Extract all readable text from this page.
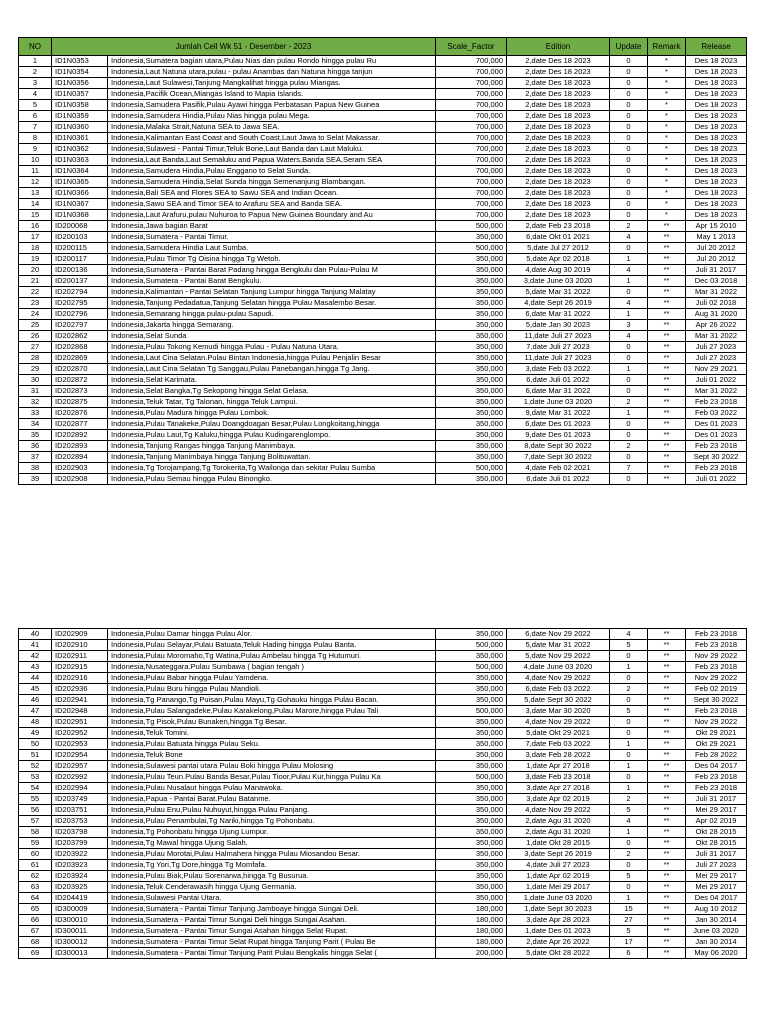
NO	Jumlah Cell Wk 51 - Desember - 2023		Scale_Factor	Edition	Update	Remark	Release
1	ID1N0353	Indonesia,Sumatera bagian utara,Pulau Nias dan pulau Rondo hingga pulau Ru	700,000	2,date Des 18 2023	0	*	Des 18 2023
2	ID1N0354	Indonesia,Laut Natuna utara,pulau - pulau Anambas dan Natuna hingga tanjun	700,000	2,date Des 18 2023	0	*	Des 18 2023
3	ID1N0356	Indonesia,Laut Sulawesi,Tanjung Mangkalihat hingga pulau Miangas.	700,000	2,date Des 18 2023	0	*	Des 18 2023
4	ID1N0357	Indonesia,Pacifik Ocean,Miangas Island to Mapia Islands.	700,000	2,date Des 18 2023	0	*	Des 18 2023
5	ID1N0358	Indonesia,Samudera Pasifik,Pulau Ayawi hingga Perbatasan Papua New Guinea	700,000	2,date Des 18 2023	0	*	Des 18 2023
6	ID1N0359	Indonesia,Samudera Hindia,Pulau Nias hingga pulau Mega.	700,000	2,date Des 18 2023	0	*	Des 18 2023
7	ID1N0360	Indonesia,Malaka Strait,Natuna SEA to Jawa SEA.	700,000	2,date Des 18 2023	0	*	Des 18 2023
8	ID1N0361	Indonesia,Kalimantan East Coast and South Coast,Laut Jawa to Selat Makassar.	700,000	2,date Des 18 2023	0	*	Des 18 2023
9	ID1N0362	Indonesia,Sulawesi - Pantai Timur,Teluk Bone,Laut Banda dan Laut Maluku.	700,000	2,date Des 18 2023	0	*	Des 18 2023
10	ID1N0363	Indonesia,Laut Banda,Laut Semaluku and Papua Waters,Banda SEA,Seram SEA	700,000	2,date Des 18 2023	0	*	Des 18 2023
11	ID1N0364	Indonesia,Samudera Hindia,Pulau Enggano to Selat Sunda.	700,000	2,date Des 18 2023	0	*	Des 18 2023
12	ID1N0365	Indonesia,Samudera Hindia,Selat Sunda hingga Semenanjung Blambangan.	700,000	2,date Des 18 2023	0	*	Des 18 2023
13	ID1N0366	Indonesia,Bali SEA and Flores SEA to Sawu SEA and Indian Ocean.	700,000	2,date Des 18 2023	0	*	Des 18 2023
14	ID1N0367	Indonesia,Sawu SEA and Timor SEA to Arafuru SEA and Banda SEA.	700,000	2,date Des 18 2023	0	*	Des 18 2023
15	ID1N0368	Indonesia,Laut Arafuru,pulau Nuhuroa to Papua New Guinea Boundary and Au	700,000	2,date Des 18 2023	0	*	Des 18 2023
16	ID200068	Indonesia,Jawa bagian Barat	500,000	2,date Feb 23 2018	2	**	Apr 15 2010
17	ID200103	Indonesia,Sumatera - Pantai Timur.	350,000	6,date Okt 01 2021	4	**	May 1 2013
18	ID200115	Indonesia,Samudera Hindia Laut Sumba.	500,000	5,date Jul 27 2012	0	**	Jul 20 2012
19	ID200117	Indonesia,Pulau Timor Tg Oisina hingga Tg Wetoh.	350,000	5,date Apr 02 2018	1	**	Jul 20 2012
20	ID200136	Indonesia,Sumatera - Pantai Barat Padang hingga Bengkulu dan Pulau-Pulau M	350,000	4,date Aug 30 2019	4	**	Juli 31 2017
21	ID200137	Indonesia,Sumatera - Pantai Barat Bengkulu.	350,000	3,date June 03 2020	1	**	Dec 03 2018
22	ID202794	Indonesia,Kalimantan - Pantai Selatan Tanjung Lumpur hingga Tanjung Malatay	350,000	5,date Mar 31 2022	0	**	Mar 31 2022
23	ID202795	Indonesia,Tanjung Pedadatua,Tanjung Selatan hingga Pulau Masalembo Besar.	350,000	4,date Sept 26 2019	4	**	Juli 02 2018
24	ID202796	Indonesia,Semarang hingga pulau-pulau Sapudi.	350,000	6,date Mar 31 2022	1	**	Aug 31 2020
25	ID202797	Indonesia,Jakarta hingga Semarang.	350,000	5,date Jan 30 2023	3	**	Apr 26 2022
26	ID202862	Indonesia,Selat Sunda	350,000	11,date Juli 27 2023	4	**	Mar 31 2022
27	ID202868	Indonesia,Pulau Tokong Kemudi hingga Pulau - Pulau Natuna Utara.	350,000	7,date Juli 27 2023	0	**	Juli 27 2023
28	ID202869	Indonesia,Laut Cina Selatan.Pulau Bintan Indonesia,hingga Pulau Penjalin Besar	350,000	11,date Juli 27 2023	0	**	Juli 27 2023
29	ID202870	Indonesia,Laut Cina Selatan Tg Sanggau,Pulau Panebangan,hingga Tg Jang.	350,000	3,date Feb 03 2022	1	**	Nov 29 2021
30	ID202872	Indonesia,Selat Karimata.	350,000	6,date Juli 01 2022	0	**	Juli 01 2022
31	ID202873	Indonesia,Selat Bangka,Tg Sekopong hingga Selat Gelasa.	350,000	6,date Mar 31 2022	0	**	Mar 31 2022
32	ID202875	Indonesia,Teluk Tatar, Tg Talonan, hingga Teluk Lampui.	350,000	1,date June 03 2020	2	**	Feb 23 2018
33	ID202876	Indonesia,Pulau Madura hingga Pulau Lombok.	350,000	9,date Mar 31 2022	1	**	Feb 03 2022
34	ID202877	Indonesia,Pulau Tanakeke,Pulau Doangdoagan Besar,Pulau Longkoitang,hingga	350,000	6,date Des 01 2023	0	**	Des 01 2023
35	ID202892	Indonesia,Pulau Laut,Tg Kaluku,hingga Pulau Kudingarenglompo.	350,000	9,date Des 01 2023	0	**	Des 01 2023
36	ID202893	Indonesia,Tanjung Rangas hingga Tanjung Manimbaya.	350,000	8,date Sept 30 2022	2	**	Feb 23 2018
37	ID202894	Indonesia,Tanjung Manimbaya hingga Tanjung Bolituwattan.	350,000	7,date Sept 30 2022	0	**	Sept 30 2022
38	ID202903	Indonesia,Tg Torojampang,Tg Torokerita,Tg Wailonga dan sekitar Pulau Sumba	500,000	4,date Feb 02 2021	7	**	Feb 23 2018
39	ID202908	Indonesia,Pulau Semau hingga Pulau Binongko.	350,000	6,date Juli 01 2022	0	**	Juli 01 2022
40	ID202909	Indonesia,Pulau Damar hingga Pulau Alor.	350,000	6,date Nov 29 2022	4	**	Feb 23 2018
41	ID202910	Indonesia,Pulau Selayar,Pulau Batuata,Teluk Hading hingga Pulau Banta.	500,000	5,date Mar 31 2022	5	**	Feb 23 2018
42	ID202911	Indonesia,Pulau Moromaho,Tg Watina,Pulau Ambelau hingga Tg Hutumuri.	350,000	5,date Nov 29 2022	0	**	Nov 29 2022
43	ID202915	Indonesia,Nusateggara.Pulau Sumbawa ( bagian tengah )	500,000	4,date June 03 2020	1	**	Feb 23 2018
44	ID202916	Indonesia,Pulau Babar hingga Pulau Yamdena.	350,000	4,date Nov 29 2022	0	**	Nov 29 2022
45	ID202936	Indonesia,Pulau Buru hingga Pulau Mandioli.	350,000	6,date Feb 03 2022	2	**	Feb 02 2019
46	ID202941	Indonesia,Tg Panango,Tg Puisan,Pulau Mayu,Tg Gohauku hingga Pulau Bacan.	350,000	5,date Sept 30 2022	0	**	Sept 30 2022
47	ID202948	Indonesia,Pulau Salangadeke,Pulau Karakelong,Pulau Marore,hingga Pulau Tali	500,000	3,date Mar 30 2020	5	**	Feb 23 2018
48	ID202951	Indonesia,Tg Pisok,Pulau Bunaken,hingga Tg Besar.	350,000	4,date Nov 29 2022	0	**	Nov 29 2022
49	ID202952	Indonesia,Teluk Tomini.	350,000	5,date Okt 29 2021	0	**	Okt 29 2021
50	ID202953	Indonesia,Pulau Batuata hingga Pulau Seku.	350,000	7,date Feb 03 2022	1	**	Okt 29 2021
51	ID202954	Indonesia,Teluk Bone	350,000	3,date Feb 28 2022	0	**	Feb 28 2022
52	ID202957	Indonesia,Sulawesi pantai utara Pulau Boki hingga Pulau Molosing	350,000	1,date Apr 27 2018	1	**	Des 04 2017
53	ID202992	Indonesia,Pulau Teun.Pulau Banda Besar,Pulau Tioor,Pulau Kur,hingga Pulau Ka	500,000	3,date Feb 23 2018	0	**	Feb 23 2018
54	ID202994	Indonesia,Pulau Nusalaut hingga Pulau Manawoka.	350,000	3,date Apr 27 2018	1	**	Feb 23 2018
55	ID203749	Indonesia,Papua - Pantai Barat.Pulau Batanme.	350,000	3,date Apr 02 2019	2	**	Juli 31 2017
56	ID203751	Indonesia,Pulau Enu,Pulau Nuhuyut,hingga Pulau Panjang.	350,000	4,date Nov 29 2022	5	**	Mei 29 2017
57	ID203753	Indonesia,Pulau Penambulai,Tg Nariki,hingga Tg Pohonbatu.	350,000	2,date Agu 31 2020	4	**	Apr 02 2019
58	ID203798	Indonesia,Tg Pohonbatu hingga Ujung Lumpur.	350,000	2,date Agu 31 2020	1	**	Okt 28 2015
59	ID203799	Indonesia,Tg Mawal hingga Ujung Salah.	350,000	1,date Okt 28 2015	0	**	Okt 28 2015
60	ID203922	Indonesia,Pulau Morotai,Pulau Halmahera hingga Pulau Miosandou Besar.	350,000	3,date Sept 26 2019	2	**	Juli 31 2017
61	ID203923	Indonesia,Tg Yori,Tg Dore,hingga Tg Momfafa.	350,000	4,date Juli 27 2023	0	**	Juli 27 2023
62	ID203924	Indonesia,Pulau Biak,Pulau Sorenarwa,hingga Tg Busurua.	350,000	1,date Apr 02 2019	5	**	Mei 29 2017
63	ID203925	Indonesia,Teluk Cenderawasih hingga Ujung Germania.	350,000	1,date Mei 29 2017	0	**	Mei 29 2017
64	ID204419	Indonesia,Sulawesi Pantai Utara.	350,000	1,date June 03 2020	1	**	Des 04 2017
65	ID300009	Indonesia,Sumatera - Pantai Timur Tanjung Jamboaye hingga Sungai Deli.	180,000	1,date Sept 30 2023	15	**	Aug 10 2012
66	ID300010	Indonesia,Sumatera - Pantai Timur Sungai Deli hingga Sungai Asahan.	180,000	3,date Apr 28 2023	27	**	Jan 30 2014
67	ID300011	Indonesia,Sumatera - Pantai Timur Sungai Asahan hingga Selat Rupat.	180,000	1,date Des 01 2023	5	**	June 03 2020
68	ID300012	Indonesia,Sumatera - Pantai Timur Selat Rupat hingga Tanjung Parit ( Pulau Be	180,000	2,date Apr 26 2022	17	**	Jan 30 2014
69	ID300013	Indonesia,Sumatera - Pantai Timur Tanjung Parit Pulau Bengkalis hingga Selat (	200,000	5,date Okt 28 2022	6	**	May 06 2020
